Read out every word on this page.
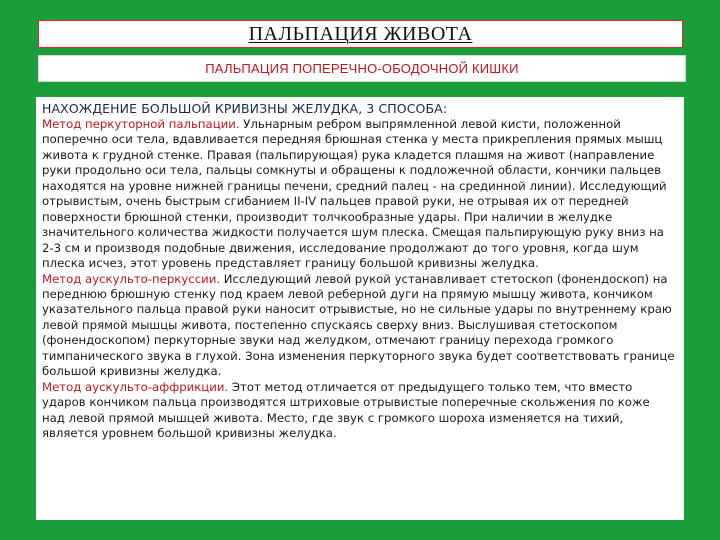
ПАЛЬПАЦИЯ ЖИВОТА
ПАЛЬПАЦИЯ ПОПЕРЕЧНО-ОБОДОЧНОЙ КИШКИ
НАХОЖДЕНИЕ БОЛЬШОЙ КРИВИЗНЫ ЖЕЛУДКА, 3 СПОСОБА:

Метод перкуторной пальпации. Ульнарным ребром выпрямленной левой кисти, положенной поперечно оси тела, вдавливается передняя брюшная стенка у места прикрепления прямых мышц живота к грудной стенке. Правая (пальпирующая) рука кладется плашмя на живот (направление руки продольно оси тела, пальцы сомкнуты и обращены к подложечной области, кончики пальцев находятся на уровне нижней границы печени, средний палец - на срединной линии). Исследующий отрывистым, очень быстрым сгибанием II-IV пальцев правой руки, не отрывая их от передней поверхности брюшной стенки, производит толчкообразные удары. При наличии в желудке значительного количества жидкости получается шум плеска. Смещая пальпирующую руку вниз на 2-3 см и производя подобные движения, исследование продолжают до того уровня, когда шум плеска исчез, этот уровень представляет границу большой кривизны желудка.

Метод аускульто-перкуссии. Исследующий левой рукой устанавливает стетоскоп (фонендоскоп) на переднюю брюшную стенку под краем левой реберной дуги на прямую мышцу живота, кончиком указательного пальца правой руки наносит отрывистые, но не сильные удары по внутреннему краю левой прямой мышцы живота, постепенно спускаясь сверху вниз. Выслушивая стетоскопом (фонендоскопом) перкуторные звуки над желудком, отмечают границу перехода громкого тимпанического звука в глухой. Зона изменения перкуторного звука будет соответствовать границе большой кривизны желудка.

Метод аускульто-аффрикции. Этот метод отличается от предыдущего только тем, что вместо ударов кончиком пальца производятся штриховые отрывистые поперечные скольжения по коже над левой прямой мышцей живота. Место, где звук с громкого шороха изменяется на тихий, является уровнем большой кривизны желудка.
